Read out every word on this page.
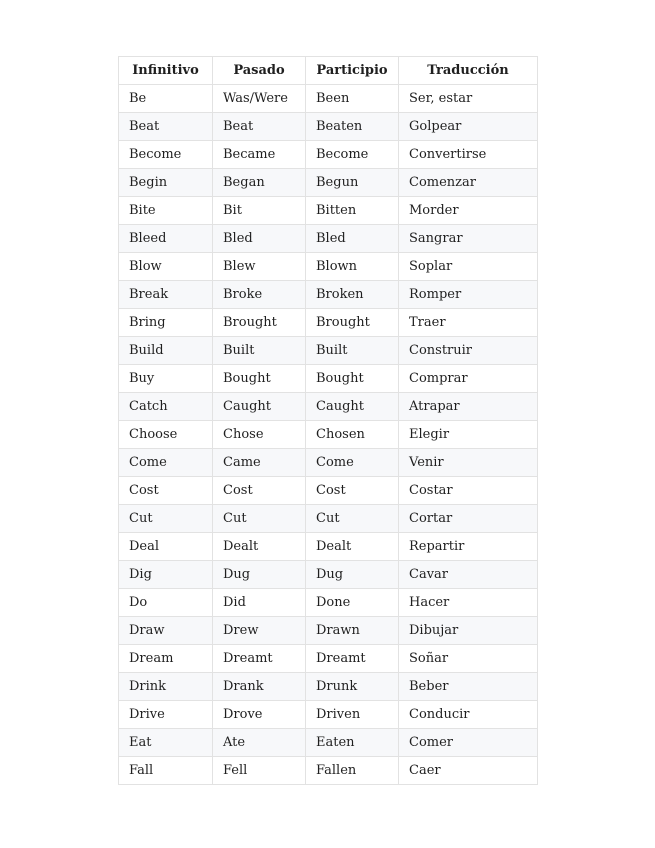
Infinitivo	Pasado	Participio	Traducción
Be	Was/Were	Been	Ser, estar
Beat	Beat	Beaten	Golpear
Become	Became	Become	Convertirse
Begin	Began	Begun	Comenzar
Bite	Bit	Bitten	Morder
Bleed	Bled	Bled	Sangrar
Blow	Blew	Blown	Soplar
Break	Broke	Broken	Romper
Bring	Brought	Brought	Traer
Build	Built	Built	Construir
Buy	Bought	Bought	Comprar
Catch	Caught	Caught	Atrapar
Choose	Chose	Chosen	Elegir
Come	Came	Come	Venir
Cost	Cost	Cost	Costar
Cut	Cut	Cut	Cortar
Deal	Dealt	Dealt	Repartir
Dig	Dug	Dug	Cavar
Do	Did	Done	Hacer
Draw	Drew	Drawn	Dibujar
Dream	Dreamt	Dreamt	Soñar
Drink	Drank	Drunk	Beber
Drive	Drove	Driven	Conducir
Eat	Ate	Eaten	Comer
Fall	Fell	Fallen	Caer
